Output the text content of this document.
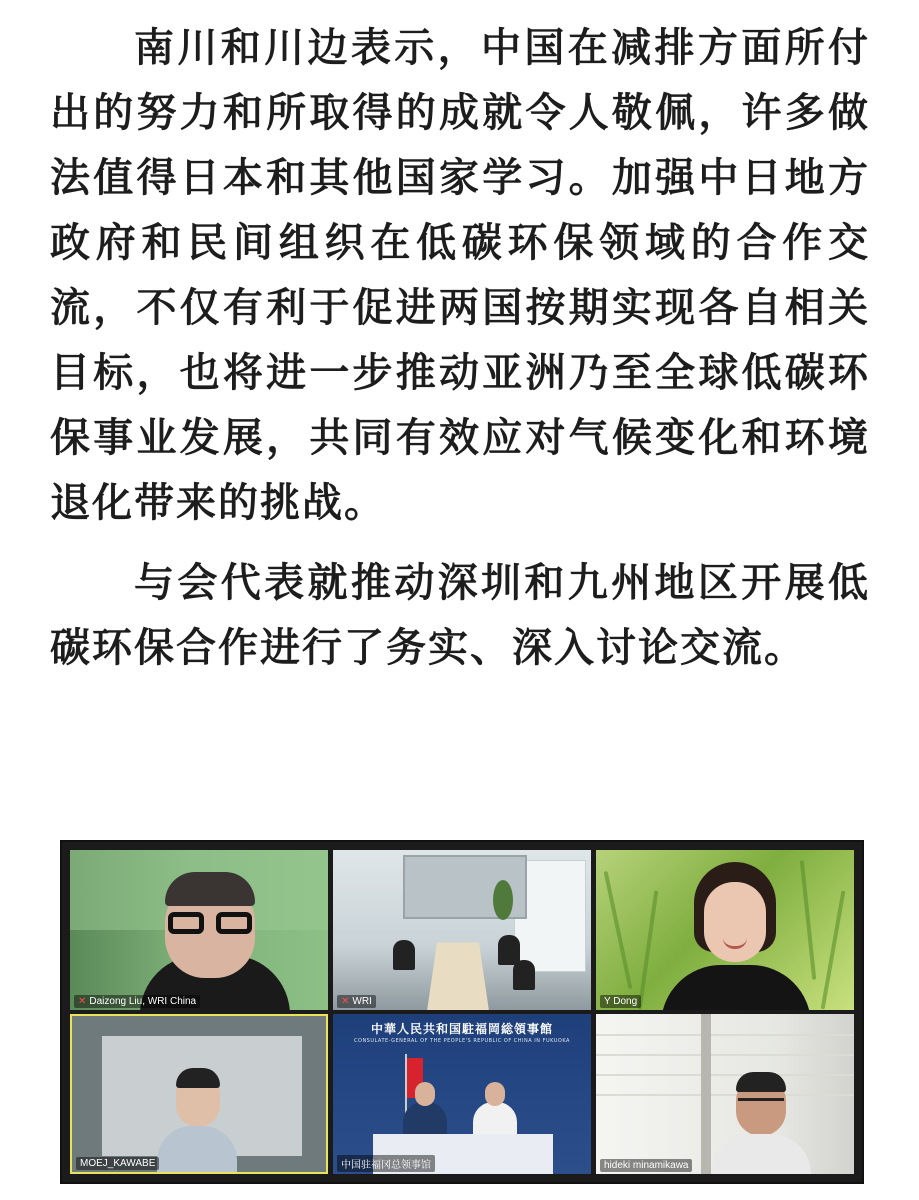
南川和川边表示，中国在减排方面所付出的努力和所取得的成就令人敬佩，许多做法值得日本和其他国家学习。加强中日地方政府和民间组织在低碳环保领域的合作交流，不仅有利于促进两国按期实现各自相关目标，也将进一步推动亚洲乃至全球低碳环保事业发展，共同有效应对气候变化和环境退化带来的挑战。

与会代表就推动深圳和九州地区开展低碳环保合作进行了务实、深入讨论交流。

✕ Daizong Liu, WRI China	✕ WRI	Y Dong
MOEJ_KAWABE
中華人民共和国駐福岡総領事館
CONSULATE-GENERAL OF THE PEOPLE'S REPUBLIC OF CHINA IN FUKUOKA
中国驻福冈总领事馆	hideki minamikawa
